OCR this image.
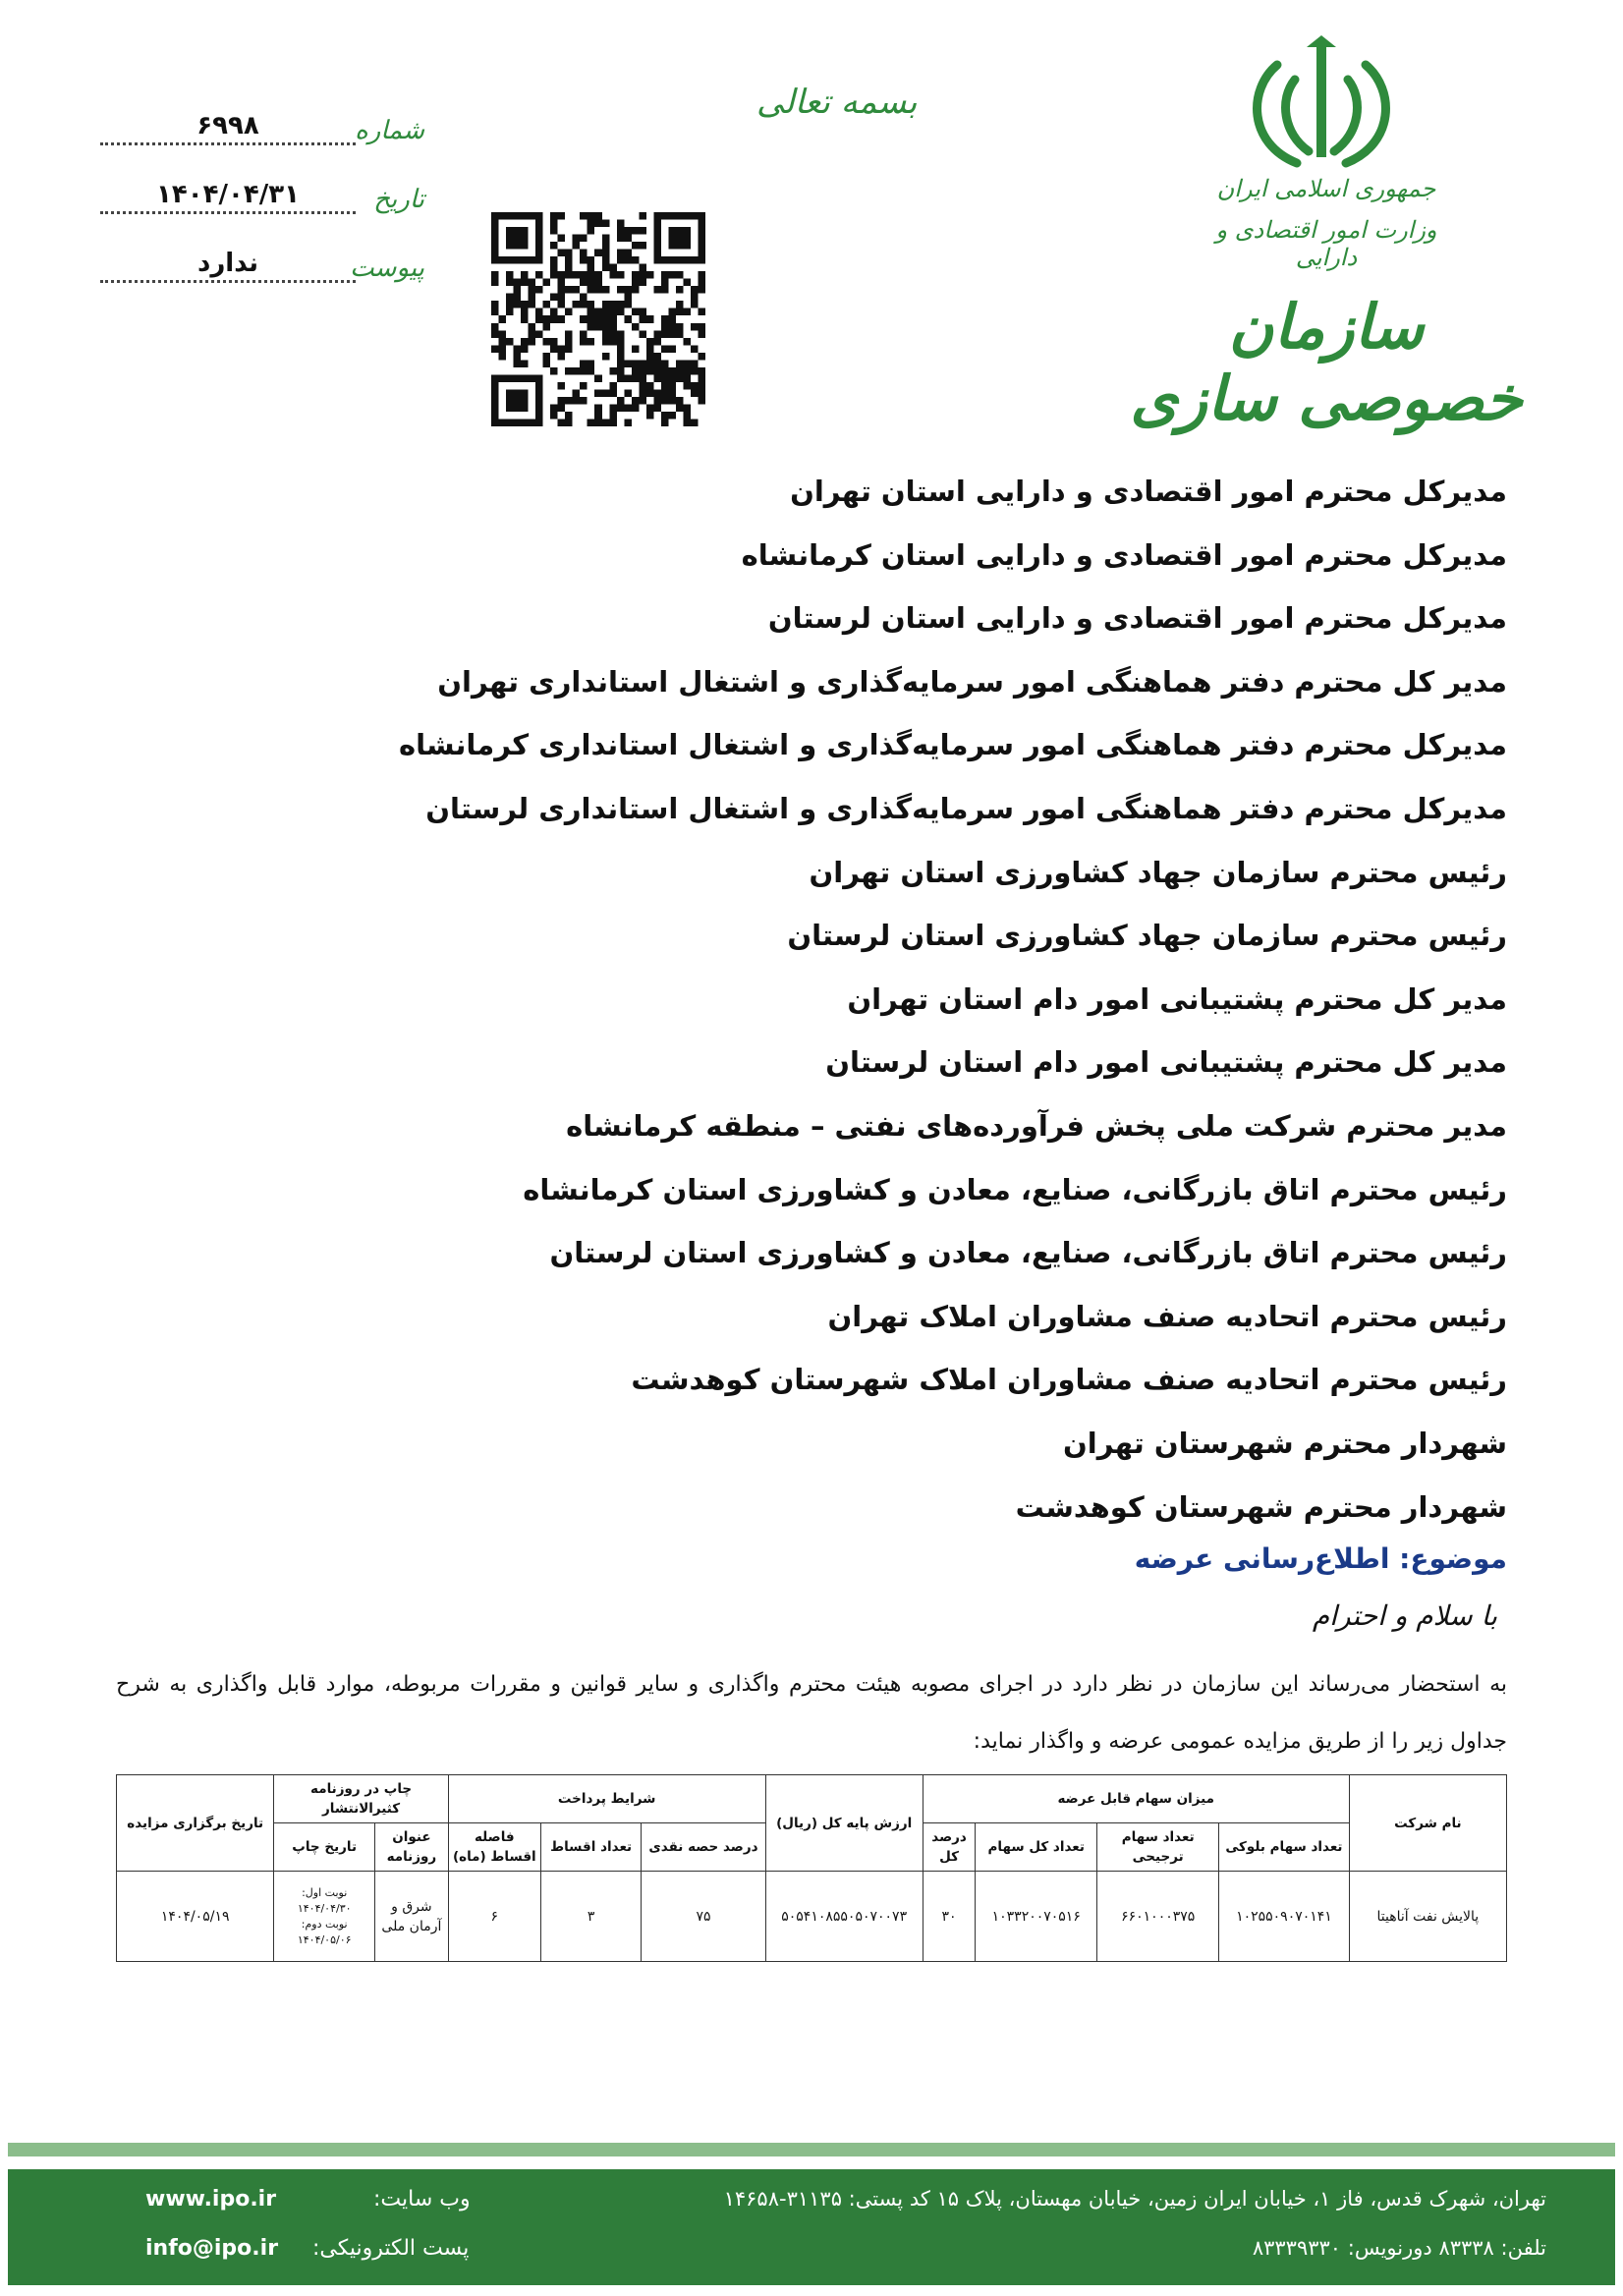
شماره
۶۹۹۸
تاریخ
۱۴۰۴/۰۴/۳۱
پیوست
ندارد
بسمه تعالی
جمهوری اسلامی ایران
وزارت امور اقتصادی و دارایی
سازمان خصوصی سازی
مدیرکل محترم امور اقتصادی و دارایی استان تهران
مدیرکل محترم امور اقتصادی و دارایی استان کرمانشاه
مدیرکل محترم امور اقتصادی و دارایی استان لرستان
مدیر کل محترم دفتر هماهنگی امور سرمایه‌گذاری و اشتغال استانداری تهران
مدیرکل محترم دفتر هماهنگی امور سرمایه‌گذاری و اشتغال استانداری کرمانشاه
مدیرکل محترم دفتر هماهنگی امور سرمایه‌گذاری و اشتغال استانداری لرستان
رئیس محترم سازمان جهاد کشاورزی استان تهران
رئیس محترم سازمان جهاد کشاورزی استان لرستان
مدیر کل محترم پشتیبانی امور دام استان تهران
مدیر کل محترم پشتیبانی امور دام استان لرستان
مدیر محترم شرکت ملی پخش فرآورده‌های نفتی – منطقه کرمانشاه
رئیس محترم اتاق بازرگانی، صنایع، معادن و کشاورزی استان کرمانشاه
رئیس محترم اتاق بازرگانی، صنایع، معادن و کشاورزی استان لرستان
رئیس محترم اتحادیه صنف مشاوران املاک تهران
رئیس محترم اتحادیه صنف مشاوران املاک شهرستان کوهدشت
شهردار محترم شهرستان تهران
شهردار محترم شهرستان کوهدشت
موضوع: اطلاع‌رسانی عرضه
با سلام و احترام

به استحضار می‌رساند این سازمان در نظر دارد در اجرای مصوبه هیئت محترم واگذاری و سایر قوانین و مقررات مربوطه، موارد قابل واگذاری به شرح جداول زیر را از طریق مزایده عمومی عرضه و واگذار نماید:

نام شرکت	میزان سهام قابل عرضه				ارزش پایه کل (ریال)	شرایط پرداخت			چاپ در روزنامه کثیرالانتشار		تاریخ برگزاری مزایده
	تعداد سهام بلوکی	تعداد سهام ترجیحی	تعداد کل سهام	درصد کل		درصد حصه نقدی	تعداد اقساط	فاصله اقساط (ماه)	عنوان روزنامه	تاریخ چاپ	
پالایش نفت آناهیتا	۱۰۲۵۵۰۹۰۷۰۱۴۱	۶۶۰۱۰۰۰۳۷۵	۱۰۳۳۲۰۰۷۰۵۱۶	۳۰	۵۰۵۴۱۰۸۵۵۰۵۰۷۰۰۷۳	۷۵	۳	۶	شرق و آرمان ملی	نوبت اول:
۱۴۰۴/۰۴/۳۰
نوبت دوم:
۱۴۰۴/۰۵/۰۶	۱۴۰۴/۰۵/۱۹
تهران، شهرک قدس، فاز ۱، خیابان ایران زمین، خیابان مهستان، پلاک ۱۵ کد پستی: ۳۱۱۳۵-۱۴۶۵۸
تلفن: ۸۳۳۳۸ دورنویس: ۸۳۳۳۹۳۳۰
وب سایت:
پست الکترونیکی:
www.ipo.ir
info@ipo.ir
